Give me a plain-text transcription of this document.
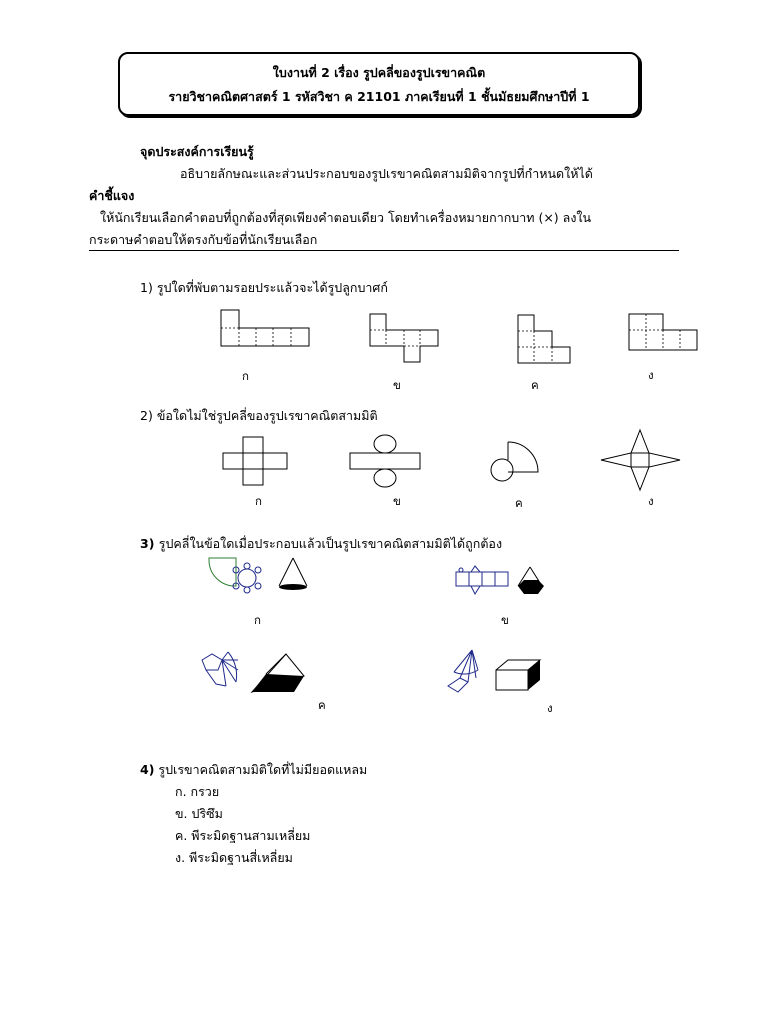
ใบงานที่ 2 เรื่อง รูปคลี่ของรูปเรขาคณิต
รายวิชาคณิตศาสตร์ 1 รหัสวิชา ค 21101 ภาคเรียนที่ 1 ชั้นมัธยมศึกษาปีที่ 1
จุดประสงค์การเรียนรู้
อธิบายลักษณะและส่วนประกอบของรูปเรขาคณิตสามมิติจากรูปที่กำหนดให้ได้
คำชี้แจง
ให้นักเรียนเลือกคำตอบที่ถูกต้องที่สุดเพียงคำตอบเดียว โดยทำเครื่องหมายกากบาท (×) ลงใน
กระดาษคำตอบให้ตรงกับข้อที่นักเรียนเลือก
1) รูปใดที่พับตามรอยประแล้วจะได้รูปลูกบาศก์
ก
ข	ค
ง
2) ข้อใดไม่ใช่รูปคลี่ของรูปเรขาคณิตสามมิติ
ก	ข	ค	ง
3) รูปคลี่ในข้อใดเมื่อประกอบแล้วเป็นรูปเรขาคณิตสามมิติได้ถูกต้อง
ก	ข
ค	ง
4) รูปเรขาคณิตสามมิติใดที่ไม่มียอดแหลม
ก. กรวย
ข. ปริซึม
ค. พีระมิดฐานสามเหลี่ยม
ง. พีระมิดฐานสี่เหลี่ยม
